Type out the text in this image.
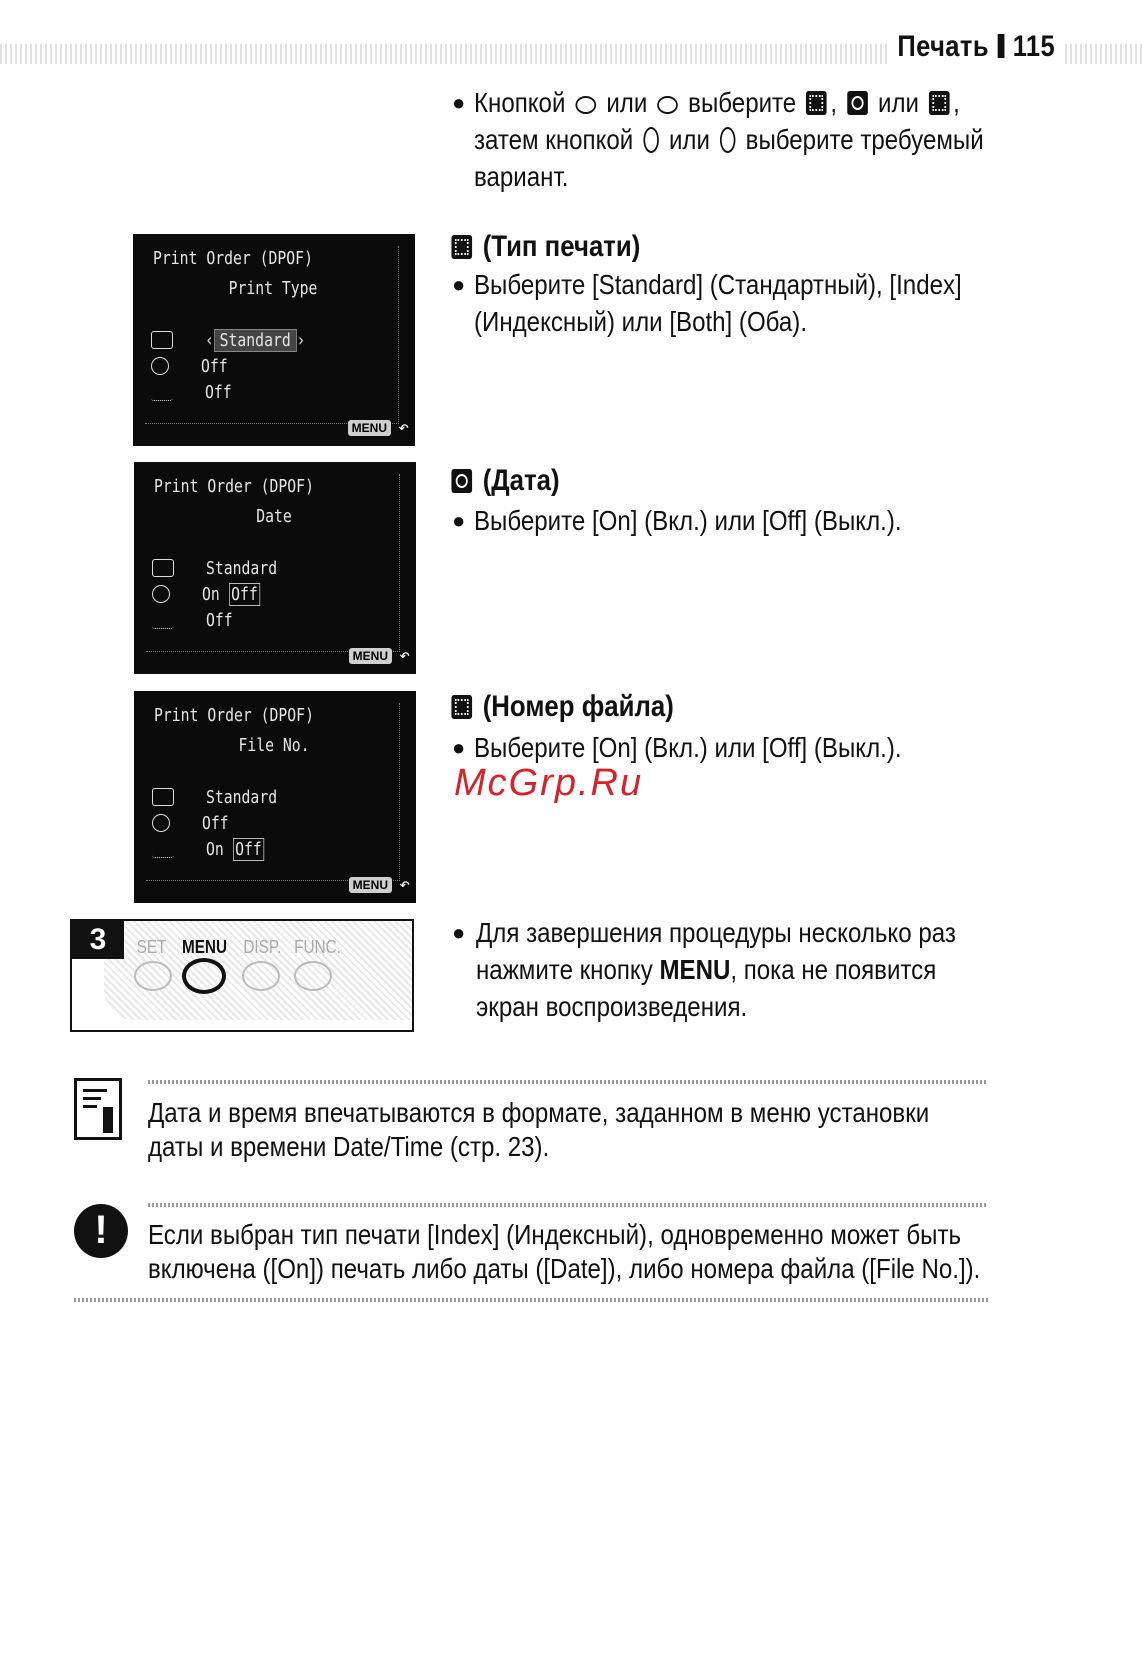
Печать 115
● Кнопкой или выберите , или ,
затем кнопкой или выберите требуемый
вариант.
Print Order (DPOF)
Print Type
‹ Standard ›
Off
Off
MENU ↶
(Тип печати)
● Выберите [Standard] (Стандартный), [Index]
(Индексный) или [Both] (Оба).
Print Order (DPOF)
Date
Standard
On Off
Off
MENU ↶
(Дата)
● Выберите [On] (Вкл.) или [Off] (Выкл.).
Print Order (DPOF)
File No.
Standard
Off
On Off
MENU ↶
(Номер файла)
● Выберите [On] (Вкл.) или [Off] (Выкл.).
McGrp.Ru
3	SET MENU DISP. FUNC.
● Для завершения процедуры несколько раз
нажмите кнопку MENU, пока не появится
экран воспроизведения.
Дата и время впечатываются в формате, заданном в меню установки
даты и времени Date/Time (стр. 23).
!	Если выбран тип печати [Index] (Индексный), одновременно может быть
включена ([On]) печать либо даты ([Date]), либо номера файла ([File No.]).
